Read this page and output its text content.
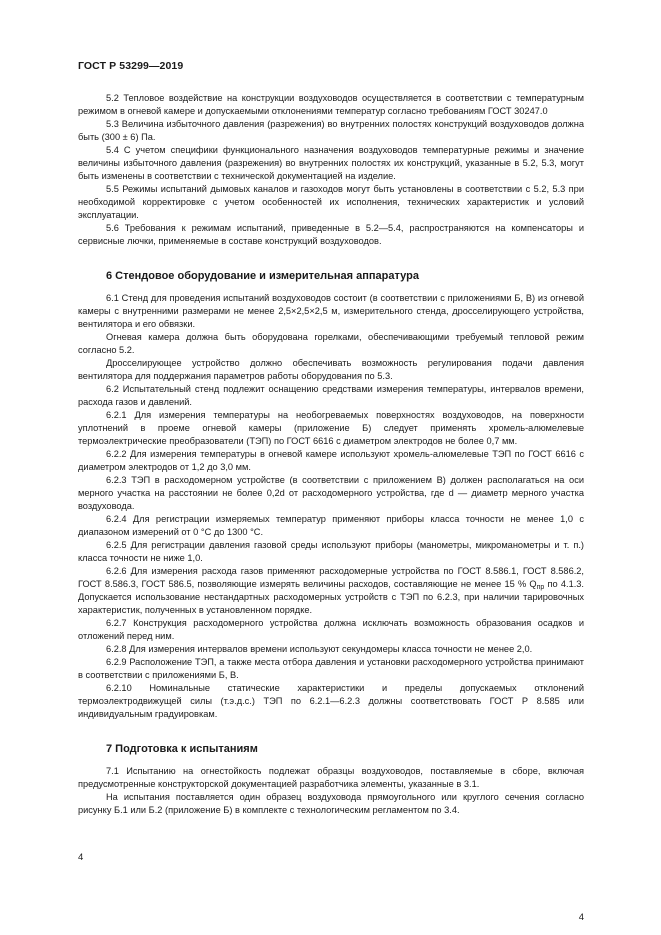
ГОСТ Р 53299—2019

5.2 Тепловое воздействие на конструкции воздуховодов осуществляется в соответствии с температурным режимом в огневой камере и допускаемыми отклонениями температур согласно требованиям ГОСТ 30247.0

5.3 Величина избыточного давления (разрежения) во внутренних полостях конструкций воздуховодов должна быть (300 ± 6) Па.

5.4 С учетом специфики функционального назначения воздуховодов температурные режимы и значение величины избыточного давления (разрежения) во внутренних полостях их конструкций, указанные в 5.2, 5.3, могут быть изменены в соответствии с технической документацией на изделие.

5.5 Режимы испытаний дымовых каналов и газоходов могут быть установлены в соответствии с 5.2, 5.3 при необходимой корректировке с учетом особенностей их исполнения, технических характеристик и условий эксплуатации.

5.6 Требования к режимам испытаний, приведенные в 5.2—5.4, распространяются на компенсаторы и сервисные лючки, применяемые в составе конструкций воздуховодов.

6 Стендовое оборудование и измерительная аппаратура

6.1 Стенд для проведения испытаний воздуховодов состоит (в соответствии с приложениями Б, В) из огневой камеры с внутренними размерами не менее 2,5×2,5×2,5 м, измерительного стенда, дросселирующего устройства, вентилятора и его обвязки.

Огневая камера должна быть оборудована горелками, обеспечивающими требуемый тепловой режим согласно 5.2.

Дросселирующее устройство должно обеспечивать возможность регулирования подачи давления вентилятора для поддержания параметров работы оборудования по 5.3.

6.2 Испытательный стенд подлежит оснащению средствами измерения температуры, интервалов времени, расхода газов и давлений.

6.2.1 Для измерения температуры на необогреваемых поверхностях воздуховодов, на поверхности уплотнений в проеме огневой камеры (приложение Б) следует применять хромель-алюмелевые термоэлектрические преобразователи (ТЭП) по ГОСТ 6616 с диаметром электродов не более 0,7 мм.

6.2.2 Для измерения температуры в огневой камере используют хромель-алюмелевые ТЭП по ГОСТ 6616 с диаметром электродов от 1,2 до 3,0 мм.

6.2.3 ТЭП в расходомерном устройстве (в соответствии с приложением В) должен располагаться на оси мерного участка на расстоянии не более 0,2d от расходомерного устройства, где d — диаметр мерного участка воздуховода.

6.2.4 Для регистрации измеряемых температур применяют приборы класса точности не менее 1,0 с диапазоном измерений от 0 °С до 1300 °С.

6.2.5 Для регистрации давления газовой среды используют приборы (манометры, микроманометры и т. п.) класса точности не ниже 1,0.

6.2.6 Для измерения расхода газов применяют расходомерные устройства по ГОСТ 8.586.1, ГОСТ 8.586.2, ГОСТ 8.586.3, ГОСТ 586.5, позволяющие измерять величины расходов, составляющие не менее 15 % $Q_{пр}$ по 4.1.3. Допускается использование нестандартных расходомерных устройств с ТЭП по 6.2.3, при наличии тарировочных характеристик, полученных в установленном порядке.

6.2.7 Конструкция расходомерного устройства должна исключать возможность образования осадков и отложений перед ним.

6.2.8 Для измерения интервалов времени используют секундомеры класса точности не менее 2,0.

6.2.9 Расположение ТЭП, а также места отбора давления и установки расходомерного устройства принимают в соответствии с приложениями Б, В.

6.2.10 Номинальные статические характеристики и пределы допускаемых отклонений термоэлектродвижущей силы (т.э.д.с.) ТЭП по 6.2.1—6.2.3 должны соответствовать ГОСТ Р 8.585 или индивидуальным градуировкам.

7 Подготовка к испытаниям

7.1 Испытанию на огнестойкость подлежат образцы воздуховодов, поставляемые в сборе, включая предусмотренные конструкторской документацией разработчика элементы, указанные в 3.1.

На испытания поставляется один образец воздуховода прямоугольного или круглого сечения согласно рисунку Б.1 или Б.2 (приложение Б) в комплекте с технологическим регламентом по 3.4.

4
4
